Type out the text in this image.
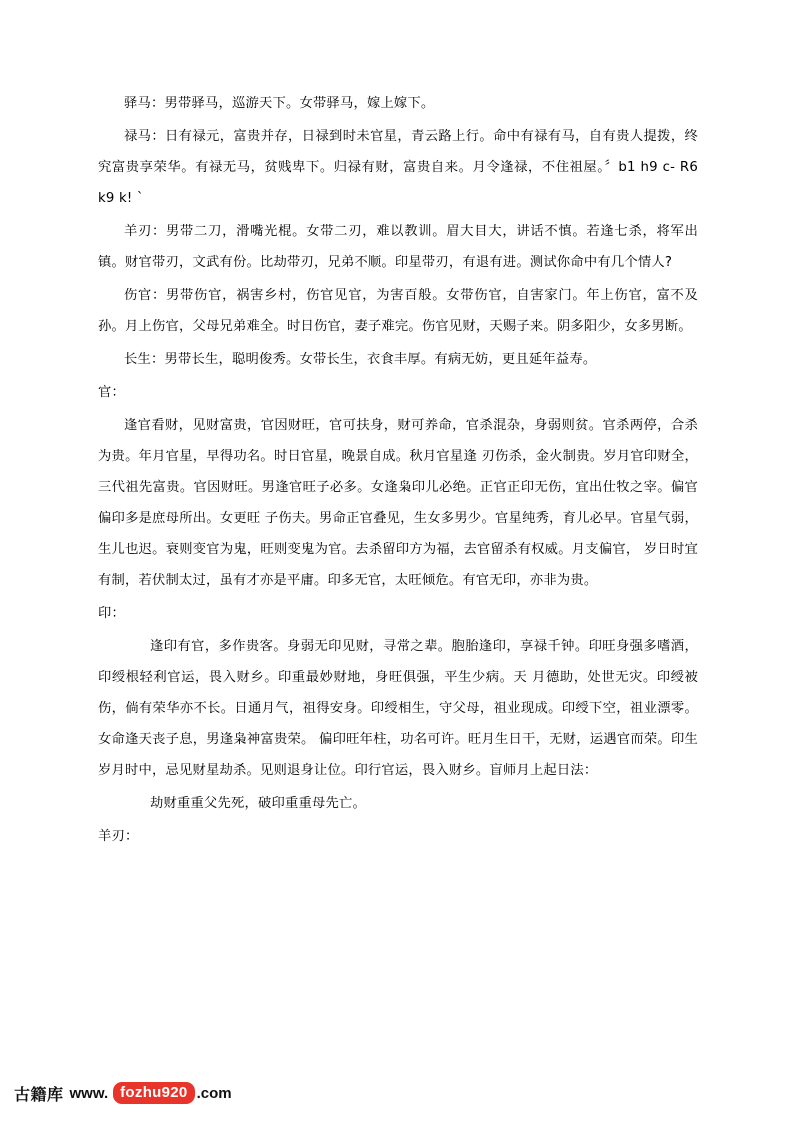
驿马：男带驿马，巡游天下。女带驿马，嫁上嫁下。

禄马：日有禄元，富贵并存，日禄到时未官星，青云路上行。命中有禄有马，自有贵人提拨，终究富贵享荣华。有禄无马，贫贱卑下。归禄有财，富贵自来。月令逢禄，不住祖屋。〞b1 h9 c- R6 k9 k! `

羊刃：男带二刀，滑嘴光棍。女带二刃，难以教训。眉大目大，讲话不慎。若逢七杀，将军出镇。财官带刃，文武有份。比劫带刃，兄弟不顺。印星带刃，有退有进。测试你命中有几个情人?

伤官：男带伤官，祸害乡村，伤官见官，为害百般。女带伤官，自害家门。年上伤官，富不及孙。月上伤官，父母兄弟难全。时日伤官，妻子难完。伤官见财，天赐子来。阴多阳少，女多男断。

长生：男带长生，聪明俊秀。女带长生，衣食丰厚。有病无妨，更且延年益寿。

官：

逢官看财，见财富贵，官因财旺，官可扶身，财可养命，官杀混杂，身弱则贫。官杀两停，合杀为贵。年月官星，早得功名。时日官星，晚景自成。秋月官星逢 刃伤杀，金火制贵。岁月官印财全，三代祖先富贵。官因财旺。男逢官旺子必多。女逢枭印儿必绝。正官正印无伤，宜出仕牧之宰。偏官偏印多是庶母所出。女更旺 子伤夫。男命正官叠见，生女多男少。官星纯秀，育儿必早。官星气弱，生儿也迟。衰则变官为鬼，旺则变鬼为官。去杀留印方为福，去官留杀有权威。月支偏官， 岁日时宜有制，若伏制太过，虽有才亦是平庸。印多无官，太旺倾危。有官无印，亦非为贵。

印：

逢印有官，多作贵客。身弱无印见财，寻常之辈。胞胎逢印，享禄千钟。印旺身强多嗜酒，印绶根轻利官运，畏入财乡。印重最妙财地，身旺俱强，平生少病。天 月德助，处世无灾。印绶被伤，倘有荣华亦不长。日通月气，祖得安身。印绶相生，守父母，祖业现成。印绶下空，祖业漂零。女命逢天丧子息，男逢枭神富贵荣。 偏印旺年柱，功名可许。旺月生日干，无财，运遇官而荣。印生岁月时中，忌见财星劫杀。见则退身让位。印行官运，畏入财乡。盲师月上起日法：

劫财重重父先死，破印重重母先亡。

羊刃：

古籍库 www. fozhu920 .com
